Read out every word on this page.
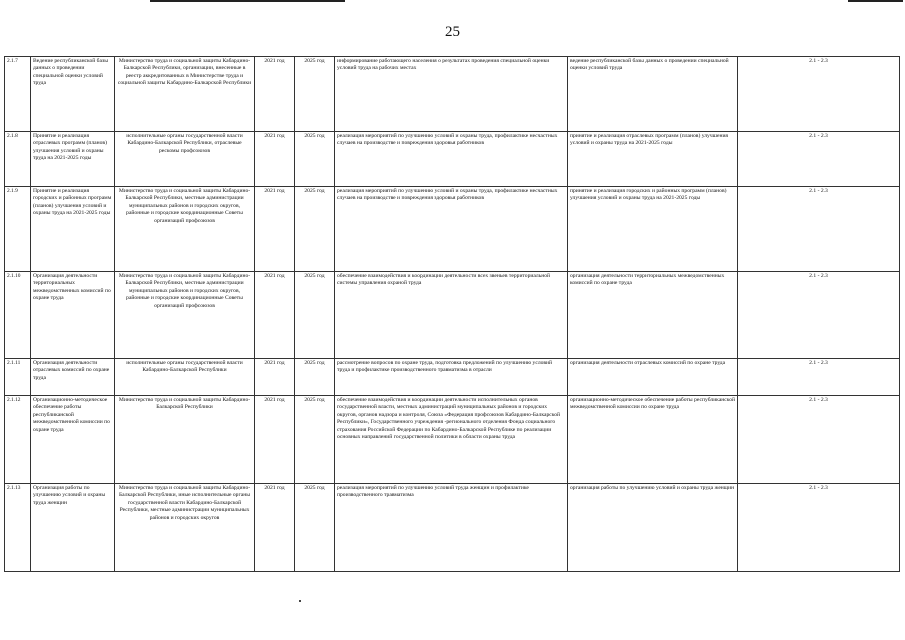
25
2.1.7	Ведение республиканской базы данных о проведении специальной оценки условий труда	Министерство труда и социальной защиты Кабардино-Балкарской Республики, организации, внесенные в реестр аккредитованных в Министерстве труда и социальной защиты Кабардино-Балкарской Республики	2021 год	2025 год	информирование работающего населения о результатах проведения специальной оценки условий труда на рабочих местах	ведение республиканской базы данных о проведении специальной оценки условий труда	2.1 - 2.3
2.1.8	Принятие и реализация отраслевых программ (планов) улучшения условий и охраны труда на 2021-2025 годы	исполнительные органы государственной власти Кабардино-Балкарской Республики, отраслевые рескомы профсоюзов	2021 год	2025 год	реализация мероприятий по улучшению условий и охраны труда, профилактике несчастных случаев на производстве и повреждения здоровья работников	принятие и реализация отраслевых программ (планов) улучшения условий и охраны труда на 2021-2025 годы	2.1 - 2.3
2.1.9	Принятие и реализация городских и районных программ (планов) улучшения условий и охраны труда на 2021-2025 годы	Министерство труда и социальной защиты Кабардино-Балкарской Республики, местные администрации муниципальных районов и городских округов, районные и городские координационные Советы организаций профсоюзов	2021 год	2025 год	реализация мероприятий по улучшению условий и охраны труда, профилактике несчастных случаев на производстве и повреждения здоровья работников	принятие и реализация городских и районных программ (планов) улучшения условий и охраны труда на 2021-2025 годы	2.1 - 2.3
2.1.10	Организация деятельности территориальных межведомственных комиссий по охране труда	Министерство труда и социальной защиты Кабардино-Балкарской Республики, местные администрации муниципальных районов и городских округов, районные и городские координационные Советы организаций профсоюзов	2021 год	2025 год	обеспечение взаимодействия и координации деятельности всех звеньев территориальной системы управления охраной труда	организация деятельности территориальных межведомственных комиссий по охране труда	2.1 - 2.3
2.1.11	Организация деятельности отраслевых комиссий по охране труда	исполнительные органы государственной власти Кабардино-Балкарской Республики	2021 год	2025 год	рассмотрение вопросов по охране труда, подготовка предложений по улучшению условий труда и профилактике производственного травматизма в отрасли	организация деятельности отраслевых комиссий по охране труда	2.1 - 2.3
2.1.12	Организационно-методическое обеспечение работы республиканской межведомственной комиссии по охране труда	Министерство труда и социальной защиты Кабардино-Балкарской Республики	2021 год	2025 год	обеспечение взаимодействия и координации деятельности исполнительных органов государственной власти, местных администраций муниципальных районов и городских округов, органов надзора и контроля, Союза «Федерация профсоюзов Кабардино-Балкарской Республики», Государственного учреждения -регионального отделения Фонда социального страхования Российской Федерации по Кабардино-Балкарской Республике по реализации основных направлений государственной политики в области охраны труда	организационно-методическое обеспечение работы республиканской межведомственной комиссии по охране труда	2.1 - 2.3
2.1.13	Организация работы по улучшению условий и охраны труда женщин	Министерство труда и социальной защиты Кабардино-Балкарской Республики, иные исполнительные органы государственной власти Кабардино-Балкарской Республики, местные администрации муниципальных районов и городских округов	2021 год	2025 год	реализация мероприятий по улучшению условий труда женщин и профилактике производственного травматизма	организация работы по улучшению условий и охраны труда женщин	2.1 - 2.3
